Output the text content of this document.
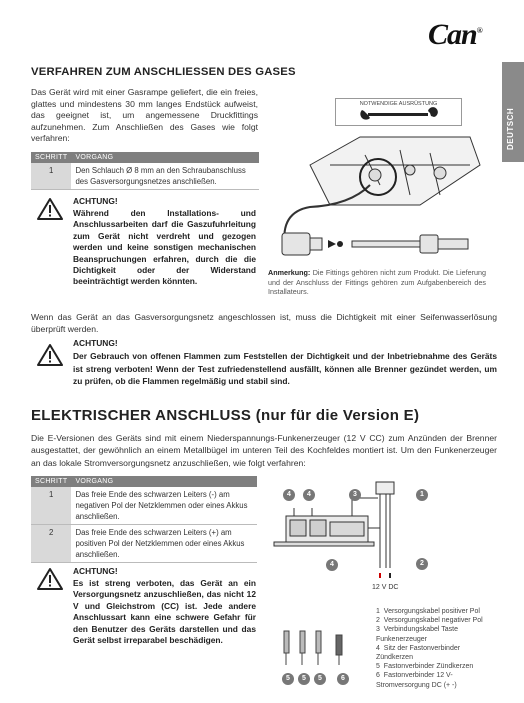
Can®
DEUTSCH
VERFAHREN ZUM ANSCHLIESSEN DES GASES
Das Gerät wird mit einer Gasrampe geliefert, die ein freies, glattes und mindestens 30 mm langes Endstück aufweist, das geeignet ist, um angemessene Druckfittings aufzunehmen. Zum Anschließen des Gases wie folgt verfahren:
SCHRITT	VORGANG
1	Den Schlauch Ø 8 mm an den Schraubanschluss des Gasversorgungsnetzes anschließen.
ACHTUNG!
Während den Installations- und Anschlussarbeiten darf die Gaszufuhrleitung zum Gerät nicht verdreht und gezogen werden und keine sonstigen mechanischen Beanspruchungen erfahren, durch die die Dichtigkeit oder der Widerstand beeinträchtigt werden könnten.
NOTWENDIGE AUSRÜSTUNG
Anmerkung: Die Fittings gehören nicht zum Produkt. Die Lieferung und der Anschluss der Fittings gehören zum Aufgabenbereich des Installateurs.
Wenn das Gerät an das Gasversorgungsnetz angeschlossen ist, muss die Dichtigkeit mit einer Seifenwasserlösung überprüft werden.
ACHTUNG!
Der Gebrauch von offenen Flammen zum Feststellen der Dichtigkeit und der Inbetriebnahme des Geräts ist streng verboten! Wenn der Test zufriedenstellend ausfällt, können alle Brenner gezündet werden, um zu prüfen, ob die Flammen regelmäßig und stabil sind.
ELEKTRISCHER ANSCHLUSS (nur für die Version E)
Die E-Versionen des Geräts sind mit einem Niederspannungs-Funkenerzeuger (12 V CC) zum Anzünden der Brenner ausgestattet, der gewöhnlich an einem Metallbügel im unteren Teil des Kochfeldes montiert ist. Um den Funkenerzeuger an das lokale Stromversorgungsnetz anzuschließen, wie folgt verfahren:
SCHRITT	VORGANG
1	Das freie Ende des schwarzen Leiters (-) am negativen Pol der Netzklemmen oder eines Akkus anschließen.
2	Das freie Ende des schwarzen Leiters (+) am positiven Pol der Netzklemmen oder eines Akkus anschließen.
ACHTUNG!
Es ist streng verboten, das Gerät an ein Versorgungsnetz anzuschließen, das nicht 12 V und Gleichstrom (CC) ist. Jede andere Anschlussart kann eine schwere Gefahr für den Benutzer des Geräts darstellen und das Gerät selbst irreparabel beschädigen.
4	4	3	1
2
4
12 V DC
5	5	5	6
1 Versorgungskabel positiver Pol
2 Versorgungskabel negativer Pol
3 Verbindungskabel Taste Funkenerzeuger
4 Sitz der Fastonverbinder Zündkerzen
5 Fastonverbinder Zündkerzen
6 Fastonverbinder 12 V-Stromversorgung DC (+ -)
